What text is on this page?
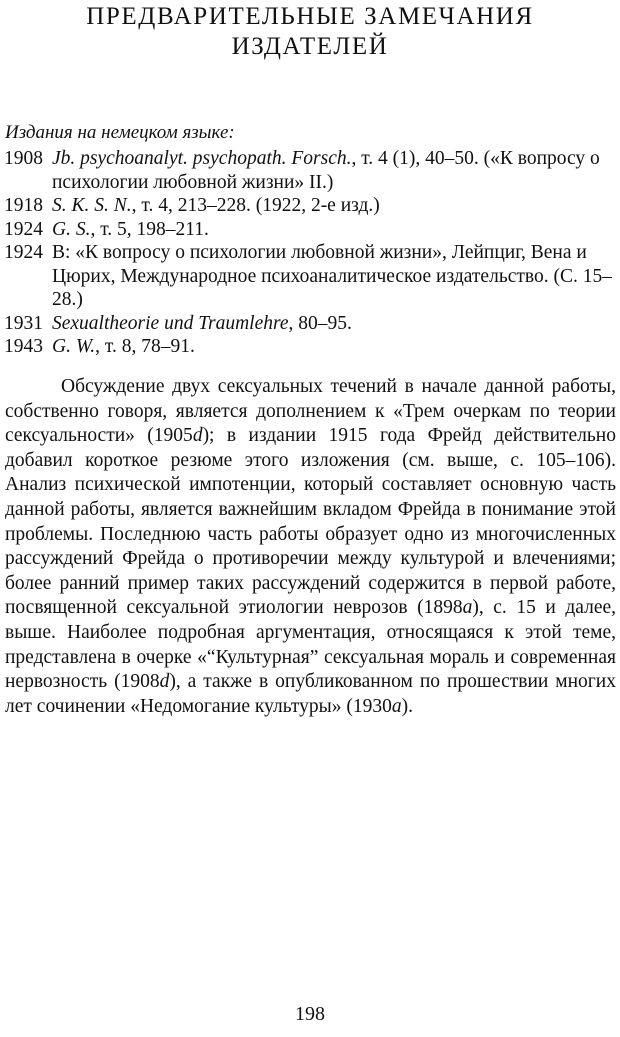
ПРЕДВАРИТЕЛЬНЫЕ ЗАМЕЧАНИЯ
ИЗДАТЕЛЕЙ
Издания на немецком языке:
1908 Jb. psychoanalyt. psychopath. Forsch., т. 4 (1), 40–50. («К вопросу о психологии любовной жизни» II.)
1918 S. K. S. N., т. 4, 213–228. (1922, 2-е изд.)
1924 G. S., т. 5, 198–211.
1924 В: «К вопросу о психологии любовной жизни», Лейпциг, Вена и Цюрих, Международное психоаналитическое издательство. (С. 15–28.)
1931 Sexualtheorie und Traumlehre, 80–95.
1943 G. W., т. 8, 78–91.
Обсуждение двух сексуальных течений в начале данной работы, собственно говоря, является дополнением к «Трем очеркам по теории сексуальности» (1905d); в издании 1915 года Фрейд действительно добавил короткое резюме этого изложения (см. выше, с. 105–106). Анализ психической импотенции, который составляет основную часть данной работы, является важнейшим вкладом Фрейда в понимание этой проблемы. Последнюю часть работы образует одно из многочисленных рассуждений Фрейда о противоречии между культурой и влечениями; более ранний пример таких рассуждений содержится в первой работе, посвященной сексуальной этиологии неврозов (1898a), с. 15 и далее, выше. Наиболее подробная аргументация, относящаяся к этой теме, представлена в очерке «“Культурная” сексуальная мораль и современная нервозность (1908d), а также в опубликованном по прошествии многих лет сочинении «Недомогание культуры» (1930a).
198
